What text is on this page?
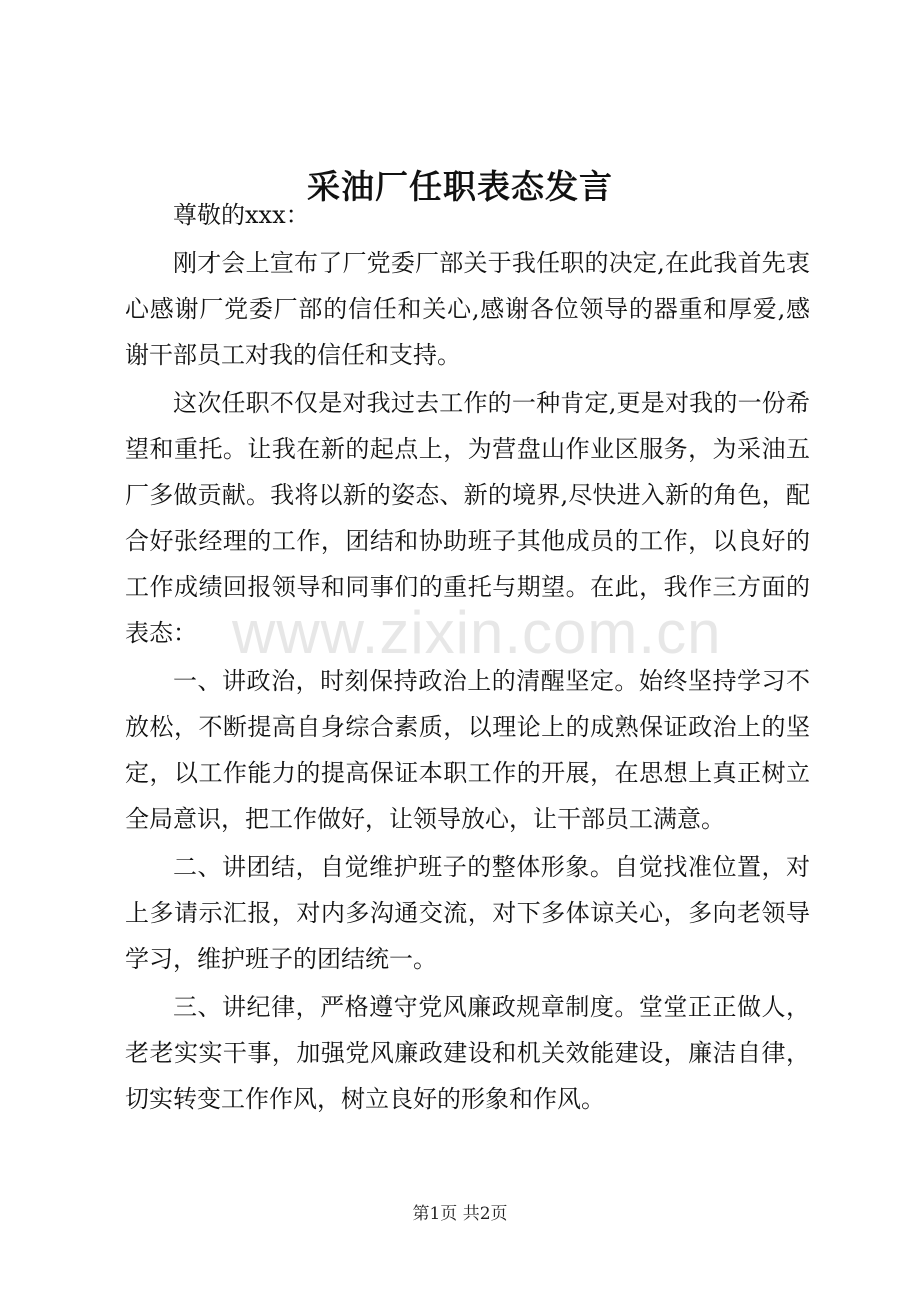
采油厂任职表态发言

尊敬的xxx：

刚才会上宣布了厂党委厂部关于我任职的决定,在此我首先衷心感谢厂党委厂部的信任和关心,感谢各位领导的器重和厚爱,感谢干部员工对我的信任和支持。

这次任职不仅是对我过去工作的一种肯定,更是对我的一份希望和重托。让我在新的起点上，为营盘山作业区服务，为采油五厂多做贡献。我将以新的姿态、新的境界,尽快进入新的角色，配合好张经理的工作，团结和协助班子其他成员的工作，以良好的工作成绩回报领导和同事们的重托与期望。在此，我作三方面的表态：

一、讲政治，时刻保持政治上的清醒坚定。始终坚持学习不放松，不断提高自身综合素质，以理论上的成熟保证政治上的坚定，以工作能力的提高保证本职工作的开展，在思想上真正树立全局意识，把工作做好，让领导放心，让干部员工满意。

二、讲团结，自觉维护班子的整体形象。自觉找准位置，对上多请示汇报，对内多沟通交流，对下多体谅关心，多向老领导学习，维护班子的团结统一。

三、讲纪律，严格遵守党风廉政规章制度。堂堂正正做人，老老实实干事，加强党风廉政建设和机关效能建设，廉洁自律，切实转变工作作风，树立良好的形象和作风。

www.zixin.com.cn
第1页 共2页
